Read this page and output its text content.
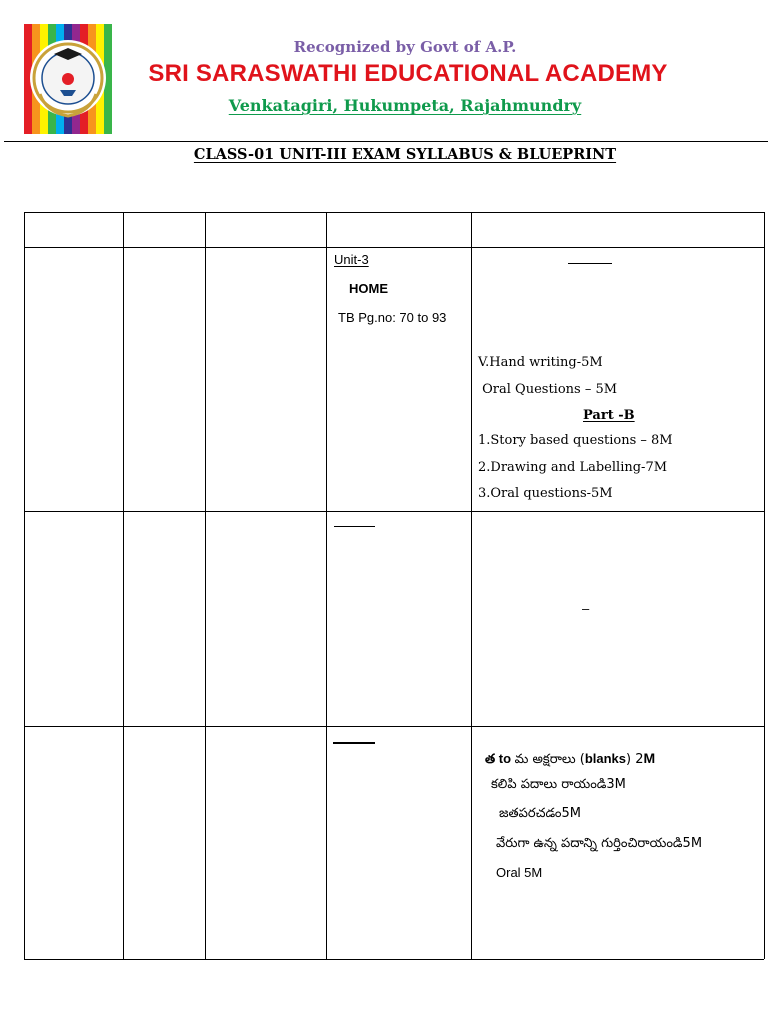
Recognized by Govt of A.P.
SRI SARASWATHI EDUCATIONAL ACADEMY
Venkatagiri, Hukumpeta, Rajahmundry
CLASS-01 UNIT-III EXAM SYLLABUS & BLUEPRINT
Unit-3
HOME
TB Pg.no: 70 to 93
V.Hand writing-5M
Oral Questions – 5M
Part -B
1.Story based questions – 8M
2.Drawing and Labelling-7M
3.Oral questions-5M
–
త to మ అక్షరాలు (blanks) 2M
కలిపి పదాలు రాయండి3M
జతపరచడం5M
వేరుగా ఉన్న పదాన్ని గుర్తించిరాయండి5M
Oral 5M
